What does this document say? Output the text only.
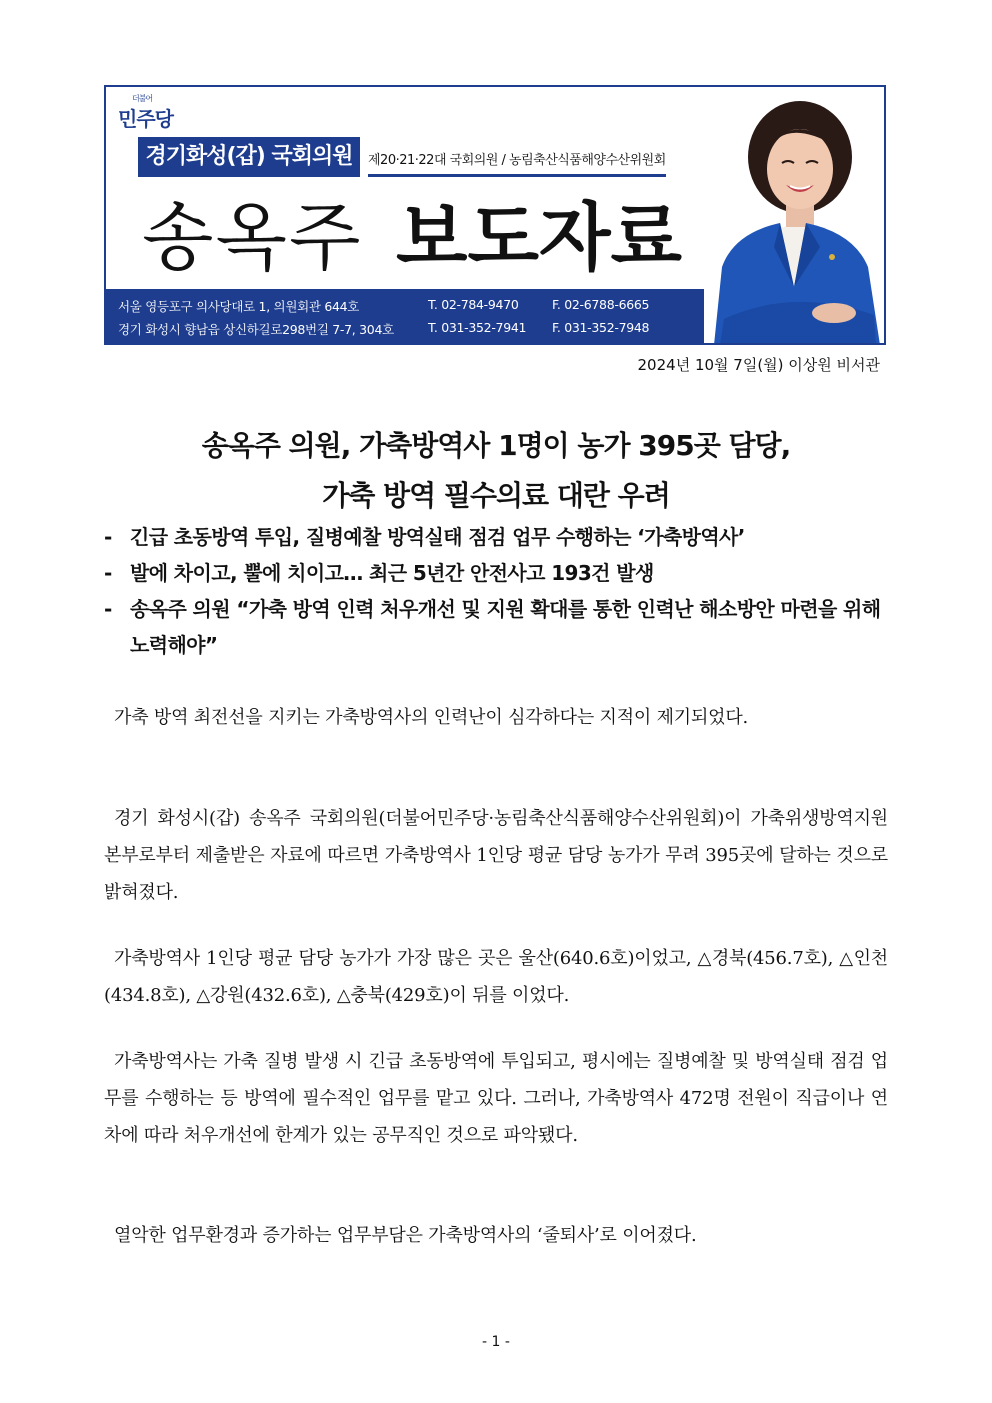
더불어
민주당
경기화성(갑) 국회의원	제20·21·22대 국회의원 / 농림축산식품해양수산위원회
송옥주 보도자료
서울 영등포구 의사당대로 1, 의원회관 644호	T. 02-784-9470	F. 02-6788-6665
경기 화성시 향남읍 상신하길로298번길 7-7, 304호	T. 031-352-7941 F. 031-352-7948
2024년 10월 7일(월) 이상원 비서관
송옥주 의원, 가축방역사 1명이 농가 395곳 담당,
가축 방역 필수의료 대란 우려
- 긴급 초동방역 투입, 질병예찰 방역실태 점검 업무 수행하는 ‘가축방역사’
- 발에 차이고, 뿔에 치이고… 최근 5년간 안전사고 193건 발생
- 송옥주 의원 “가축 방역 인력 처우개선 및 지원 확대를 통한 인력난 해소방안 마련을 위해 노력해야”
가축 방역 최전선을 지키는 가축방역사의 인력난이 심각하다는 지적이 제기되었다.
경기 화성시(갑) 송옥주 국회의원(더불어민주당·농림축산식품해양수산위원회)이 가축위생방역지원본부로부터 제출받은 자료에 따르면 가축방역사 1인당 평균 담당 농가가 무려 395곳에 달하는 것으로 밝혀졌다.
가축방역사 1인당 평균 담당 농가가 가장 많은 곳은 울산(640.6호)이었고, △경북(456.7호), △인천(434.8호), △강원(432.6호), △충북(429호)이 뒤를 이었다.
가축방역사는 가축 질병 발생 시 긴급 초동방역에 투입되고, 평시에는 질병예찰 및 방역실태 점검 업무를 수행하는 등 방역에 필수적인 업무를 맡고 있다. 그러나, 가축방역사 472명 전원이 직급이나 연차에 따라 처우개선에 한계가 있는 공무직인 것으로 파악됐다.
열악한 업무환경과 증가하는 업무부담은 가축방역사의 ‘줄퇴사’로 이어졌다.
- 1 -
